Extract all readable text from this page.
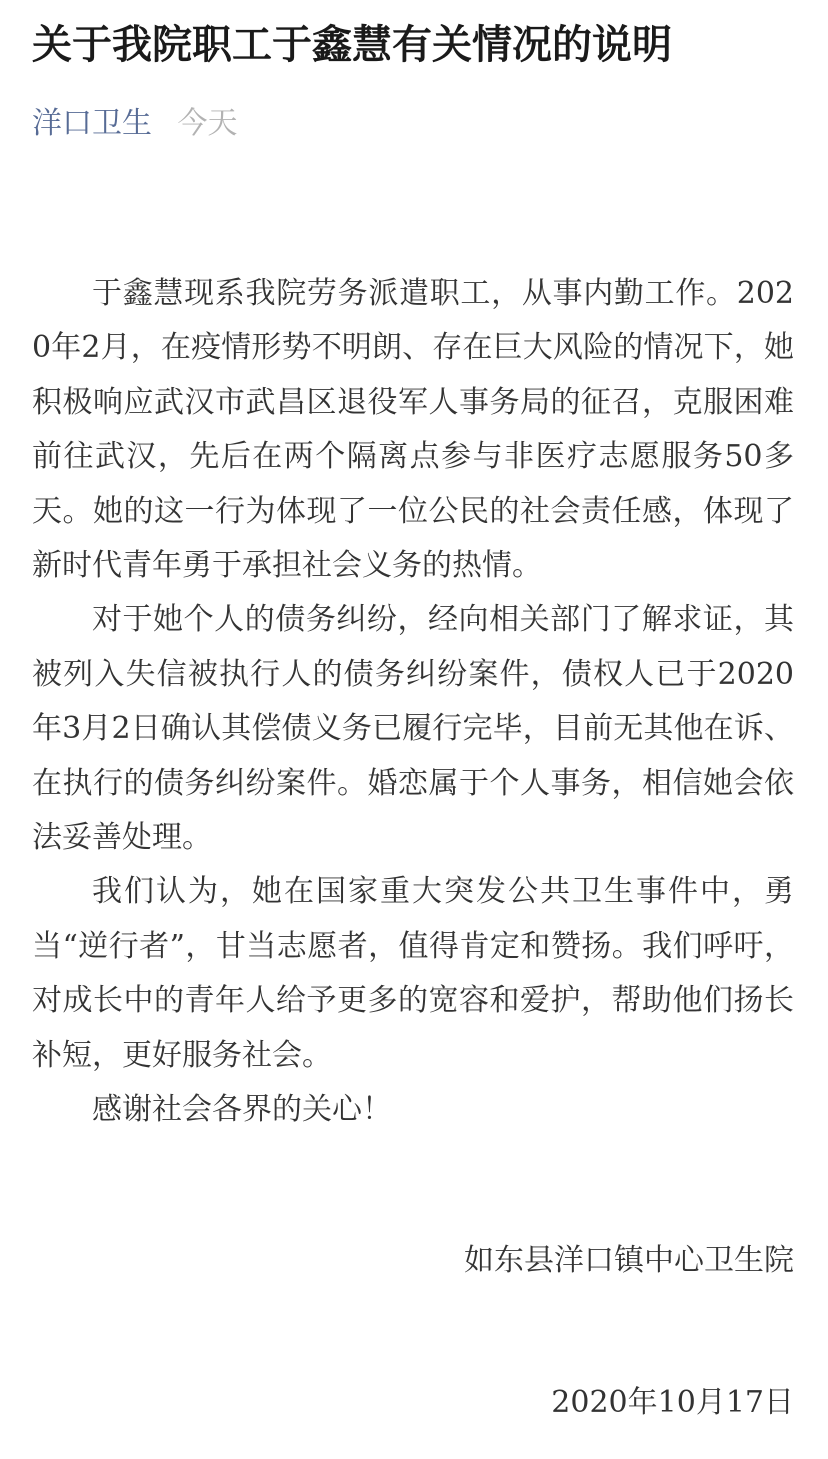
关于我院职工于鑫慧有关情况的说明
洋口卫生 今天

于鑫慧现系我院劳务派遣职工，从事内勤工作。2020年2月，在疫情形势不明朗、存在巨大风险的情况下，她积极响应武汉市武昌区退役军人事务局的征召，克服困难前往武汉，先后在两个隔离点参与非医疗志愿服务50多天。她的这一行为体现了一位公民的社会责任感，体现了新时代青年勇于承担社会义务的热情。

对于她个人的债务纠纷，经向相关部门了解求证，其被列入失信被执行人的债务纠纷案件，债权人已于2020年3月2日确认其偿债义务已履行完毕，目前无其他在诉、在执行的债务纠纷案件。婚恋属于个人事务，相信她会依法妥善处理。

我们认为，她在国家重大突发公共卫生事件中，勇当“逆行者”，甘当志愿者，值得肯定和赞扬。我们呼吁，对成长中的青年人给予更多的宽容和爱护，帮助他们扬长补短，更好服务社会。

感谢社会各界的关心！

如东县洋口镇中心卫生院
2020年10月17日
